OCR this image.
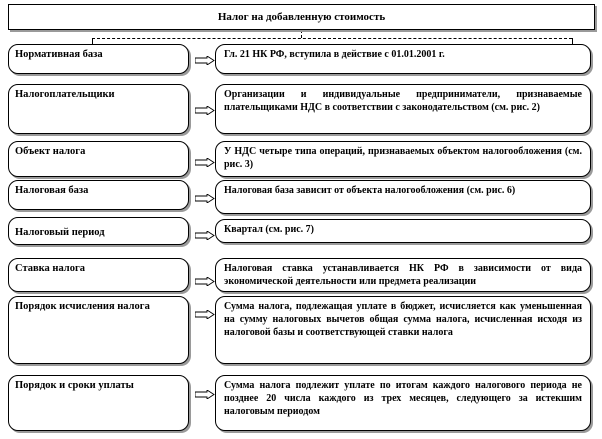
Налог на добавленную стоимость
Нормативная база	Гл. 21 НК РФ, вступила в действие с 01.01.2001 г.
Налогоплательщики	Организации и индивидуальные предприниматели, признаваемые плательщиками НДС в соответствии с законодательством (см. рис. 2)
Объект налога	У НДС четыре типа операций, признаваемых объектом налогообложения (см. рис. 3)
Налоговая база	Налоговая база зависит от объекта налогообложения (см. рис. 6)
Налоговый период	Квартал (см. рис. 7)
Ставка налога	Налоговая ставка устанавливается НК РФ в зависимости от вида экономической деятельности или предмета реализации
Порядок исчисления налога	Сумма налога, подлежащая уплате в бюджет, исчисляется как уменьшенная на сумму налоговых вычетов общая сумма налога, исчисленная исходя из налоговой базы и соответствующей ставки налога
Порядок и сроки уплаты	Сумма налога подлежит уплате по итогам каждого налогового периода не позднее 20 числа каждого из трех месяцев, следующего за истекшим налоговым периодом
